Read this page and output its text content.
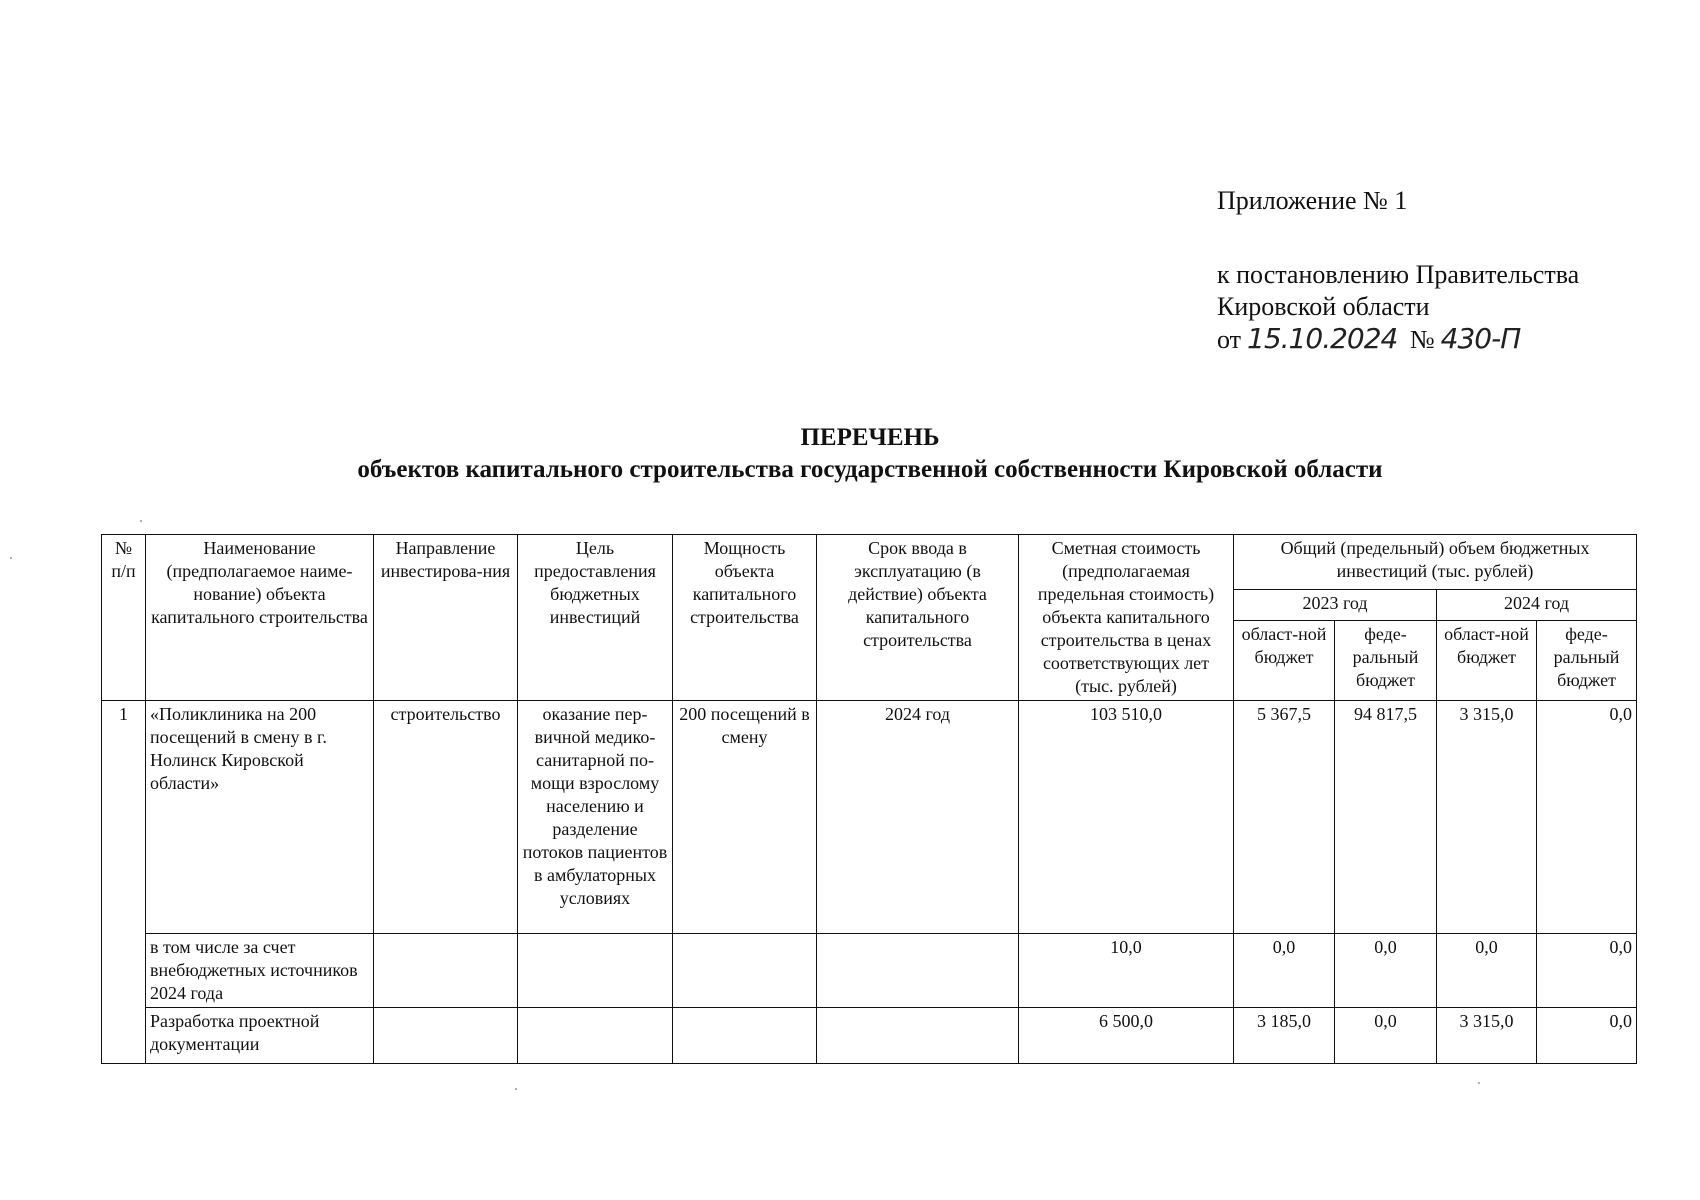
Приложение № 1
к постановлению Правительства
Кировской области
от 15.10.2024 № 430-П
ПЕРЕЧЕНЬ
объектов капитального строительства государственной собственности Кировской области
№ п/п	Наименование (предполагаемое наиме-нование) объекта капитального строительства	Направление инвестирова-ния	Цель предоставления бюджетных инвестиций	Мощность объекта капитального строительства	Срок ввода в эксплуатацию (в действие) объекта капитального строительства	Сметная стоимость (предполагаемая предельная стоимость) объекта капитального строительства в ценах соответствующих лет (тыс. рублей)	Общий (предельный) объем бюджетных инвестиций (тыс. рублей)			
							2023 год		2024 год	
							област-ной бюджет	феде-ральный бюджет	област-ной бюджет	феде-ральный бюджет
1	«Поликлиника на 200 посещений в смену в г. Нолинск Кировской области»	строительство	оказание пер-вичной медико-санитарной по-мощи взрослому населению и разделение потоков пациентов в амбулаторных условиях	200 посещений в смену	2024 год	103 510,0	5 367,5	94 817,5	3 315,0	0,0
	в том числе за счет внебюджетных источников 2024 года					10,0	0,0	0,0	0,0	0,0
	Разработка проектной документации					6 500,0	3 185,0	0,0	3 315,0	0,0
